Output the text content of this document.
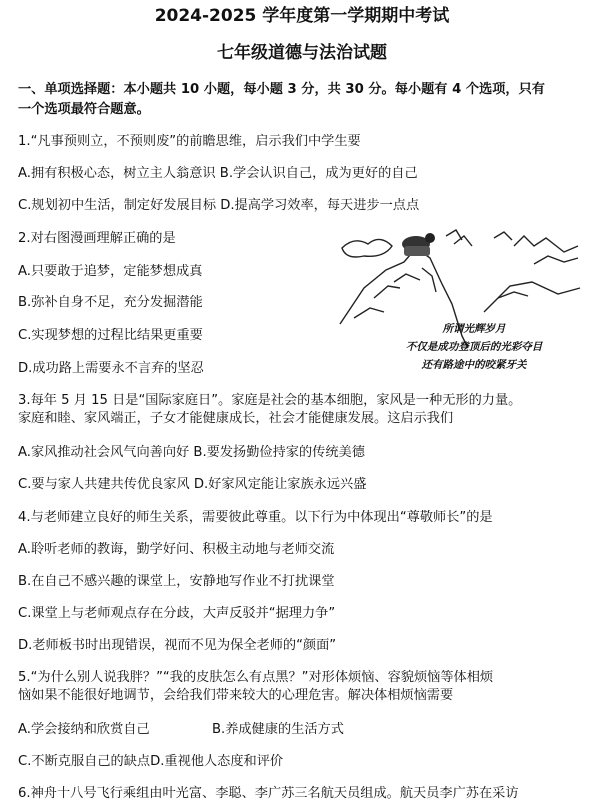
2024-2025 学年度第一学期期中考试
七年级道德与法治试题
一、单项选择题：本小题共 10 小题，每小题 3 分，共 30 分。每小题有 4 个选项，只有
一个选项最符合题意。
1.“凡事预则立，不预则废”的前瞻思维，启示我们中学生要
A.拥有积极心态，树立主人翁意识 B.学会认识自己，成为更好的自己
C.规划初中生活，制定好发展目标 D.提高学习效率，每天进步一点点
2.对右图漫画理解正确的是
A.只要敢于追梦，定能梦想成真
B.弥补自身不足，充分发掘潜能
C.实现梦想的过程比结果更重要
D.成功路上需要永不言弃的坚忍
所谓光辉岁月
不仅是成功登顶后的光彩夺目
还有路途中的咬紧牙关
3.每年 5 月 15 日是“国际家庭日”。家庭是社会的基本细胞，家风是一种无形的力量。
家庭和睦、家风端正，子女才能健康成长，社会才能健康发展。这启示我们
A.家风推动社会风气向善向好 B.要发扬勤俭持家的传统美德
C.要与家人共建共传优良家风 D.好家风定能让家族永远兴盛
4.与老师建立良好的师生关系，需要彼此尊重。以下行为中体现出“尊敬师长”的是
A.聆听老师的教诲，勤学好问、积极主动地与老师交流
B.在自己不感兴趣的课堂上，安静地写作业不打扰课堂
C.课堂上与老师观点存在分歧，大声反驳并“据理力争”
D.老师板书时出现错误，视而不见为保全老师的“颜面”
5.“为什么别人说我胖？”“我的皮肤怎么有点黑？”对形体烦恼、容貌烦恼等体相烦
恼如果不能很好地调节，会给我们带来较大的心理危害。解决体相烦恼需要
A.学会接纳和欣赏自己	B.养成健康的生活方式
C.不断克服自己的缺点D.重视他人态度和评价
6.神舟十八号飞行乘组由叶光富、李聪、李广苏三名航天员组成。航天员李广苏在采访
